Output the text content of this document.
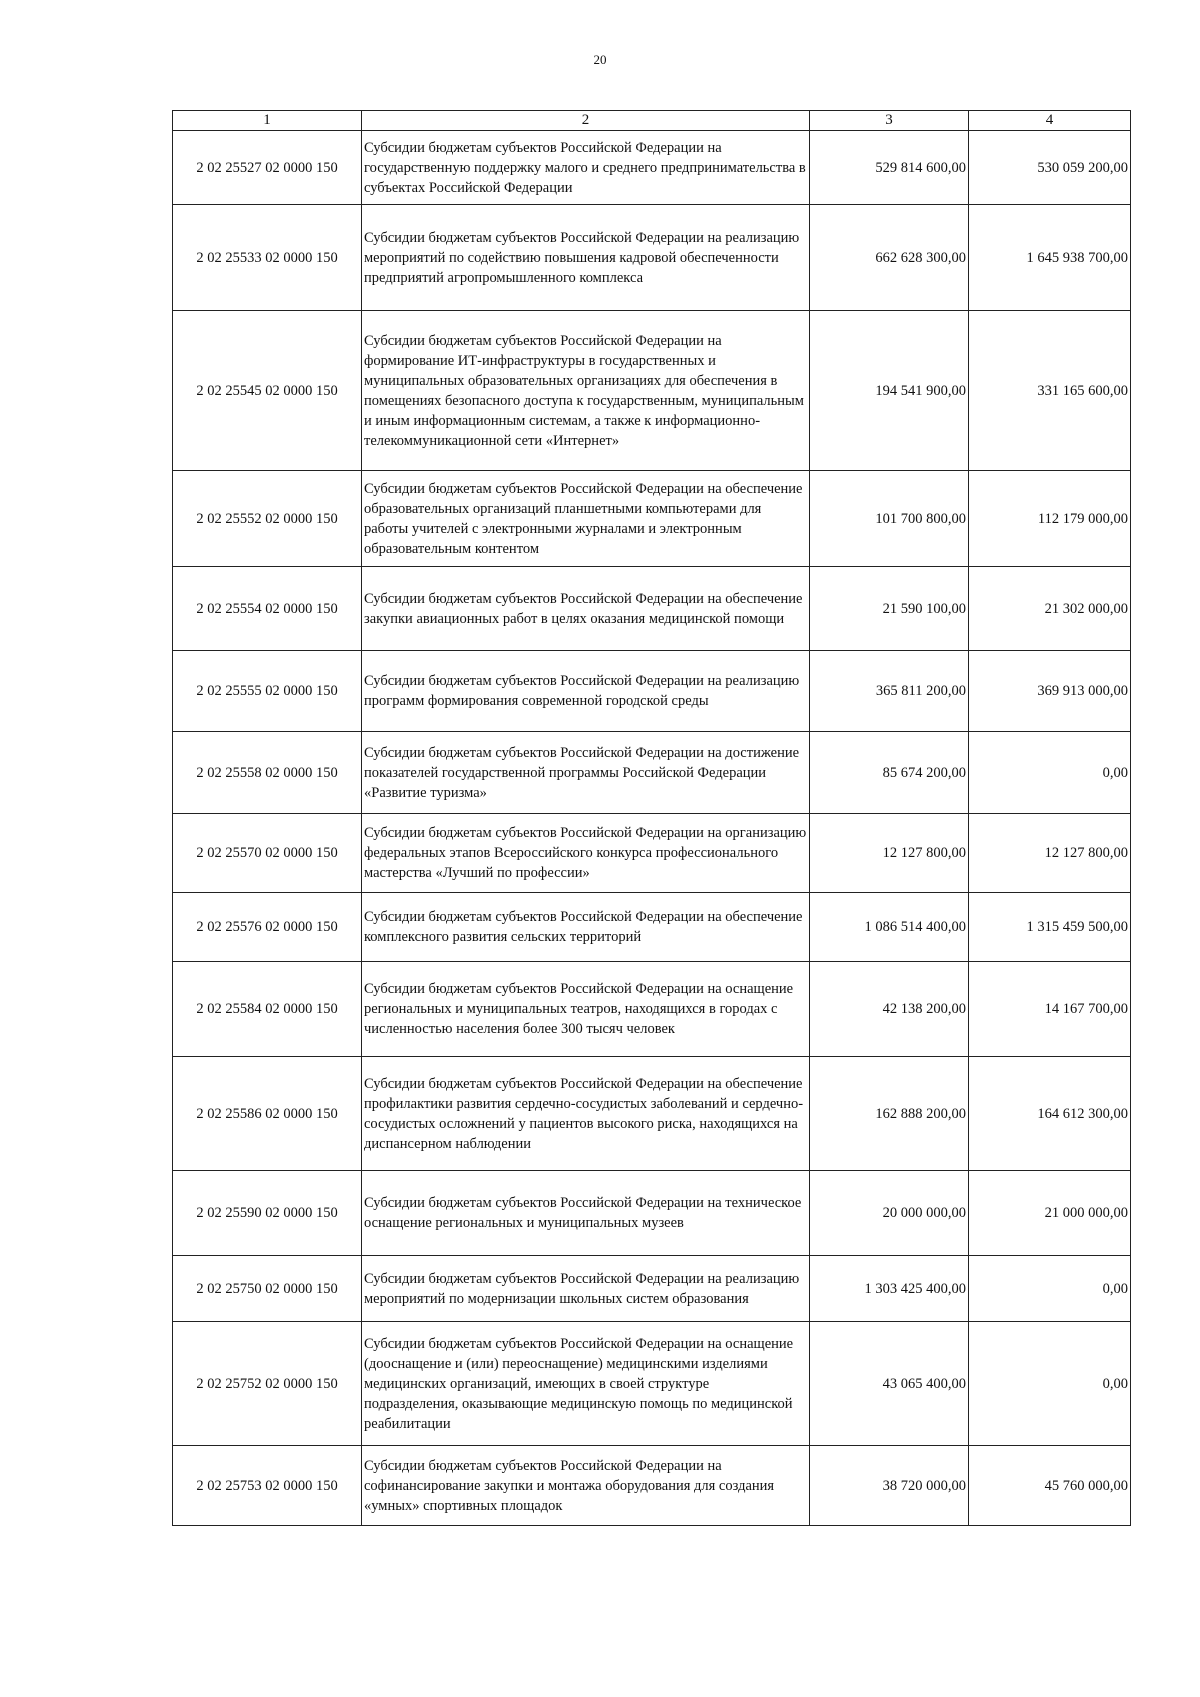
20
1	2	3	4
2 02 25527 02 0000 150	Субсидии бюджетам субъектов Российской Федерации на государственную поддержку малого и среднего предпринимательства в субъектах Российской Федерации	529 814 600,00	530 059 200,00
2 02 25533 02 0000 150	Субсидии бюджетам субъектов Российской Федерации на реализацию мероприятий по содействию повышения кадровой обеспеченности предприятий агропромышленного комплекса	662 628 300,00	1 645 938 700,00
2 02 25545 02 0000 150	Субсидии бюджетам субъектов Российской Федерации на формирование ИТ-инфраструктуры в государственных и муниципальных образовательных организациях для обеспечения в помещениях безопасного доступа к государственным, муниципальным и иным информационным системам, а также к информационно-телекоммуникационной сети «Интернет»	194 541 900,00	331 165 600,00
2 02 25552 02 0000 150	Субсидии бюджетам субъектов Российской Федерации на обеспечение образовательных организаций планшетными компьютерами для работы учителей с электронными журналами и электронным образовательным контентом	101 700 800,00	112 179 000,00
2 02 25554 02 0000 150	Субсидии бюджетам субъектов Российской Федерации на обеспечение закупки авиационных работ в целях оказания медицинской помощи	21 590 100,00	21 302 000,00
2 02 25555 02 0000 150	Субсидии бюджетам субъектов Российской Федерации на реализацию программ формирования современной городской среды	365 811 200,00	369 913 000,00
2 02 25558 02 0000 150	Субсидии бюджетам субъектов Российской Федерации на достижение показателей государственной программы Российской Федерации «Развитие туризма»	85 674 200,00	0,00
2 02 25570 02 0000 150	Субсидии бюджетам субъектов Российской Федерации на организацию федеральных этапов Всероссийского конкурса профессионального мастерства «Лучший по профессии»	12 127 800,00	12 127 800,00
2 02 25576 02 0000 150	Субсидии бюджетам субъектов Российской Федерации на обеспечение комплексного развития сельских территорий	1 086 514 400,00	1 315 459 500,00
2 02 25584 02 0000 150	Субсидии бюджетам субъектов Российской Федерации на оснащение региональных и муниципальных театров, находящихся в городах с численностью населения более 300 тысяч человек	42 138 200,00	14 167 700,00
2 02 25586 02 0000 150	Субсидии бюджетам субъектов Российской Федерации на обеспечение профилактики развития сердечно-сосудистых заболеваний и сердечно-сосудистых осложнений у пациентов высокого риска, находящихся на диспансерном наблюдении	162 888 200,00	164 612 300,00
2 02 25590 02 0000 150	Субсидии бюджетам субъектов Российской Федерации на техническое оснащение региональных и муниципальных музеев	20 000 000,00	21 000 000,00
2 02 25750 02 0000 150	Субсидии бюджетам субъектов Российской Федерации на реализацию мероприятий по модернизации школьных систем образования	1 303 425 400,00	0,00
2 02 25752 02 0000 150	Субсидии бюджетам субъектов Российской Федерации на оснащение (дооснащение и (или) переоснащение) медицинскими изделиями медицинских организаций, имеющих в своей структуре подразделения, оказывающие медицинскую помощь по медицинской реабилитации	43 065 400,00	0,00
2 02 25753 02 0000 150	Субсидии бюджетам субъектов Российской Федерации на софинансирование закупки и монтажа оборудования для создания «умных» спортивных площадок	38 720 000,00	45 760 000,00
